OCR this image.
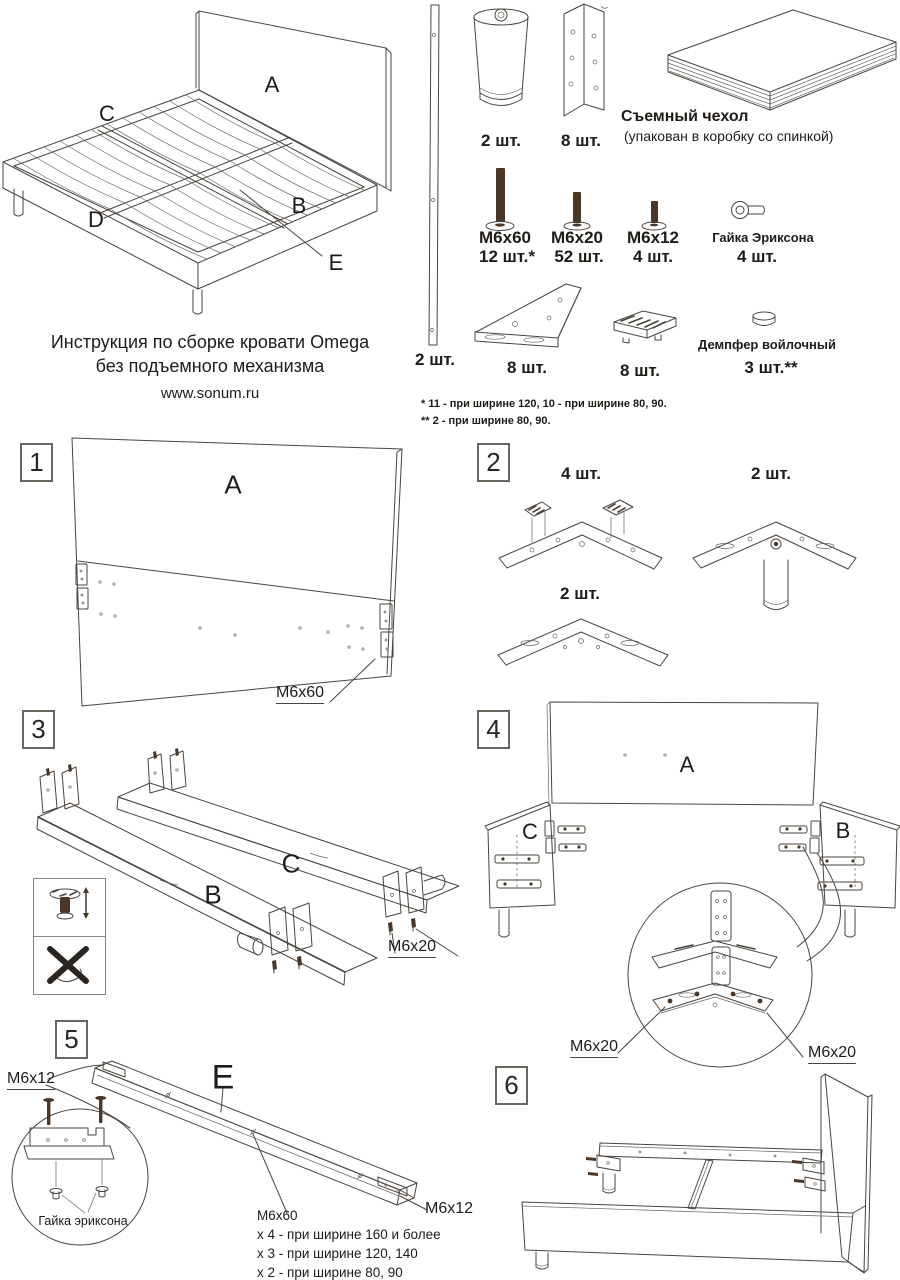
A
C
B
D
E
Инструкция по сборке кровати Omega
без подъемного механизма
www.sonum.ru
2 шт.
2 шт. 8 шт.
Съемный чехол
(упакован в коробку со спинкой)
М6х60
12 шт.*
М6х20
52 шт.
М6х12
4 шт.
Гайка Эриксона
4 шт.
8 шт.	8 шт.
Демпфер войлочный
3 шт.**
* 11 - при ширине 120, 10 - при ширине 80, 90.
** 2 - при ширине 80, 90.
1
A
М6х60
2	4 шт.	2 шт.
2 шт.
3
B
C
М6х20
4
A
C	B
М6х20	М6х20
5
E
М6х12
М6х12
Гайка эриксона	М6х60
х 4 - при ширине 160 и более
х 3 - при ширине 120, 140
х 2 - при ширине 80, 90
6
